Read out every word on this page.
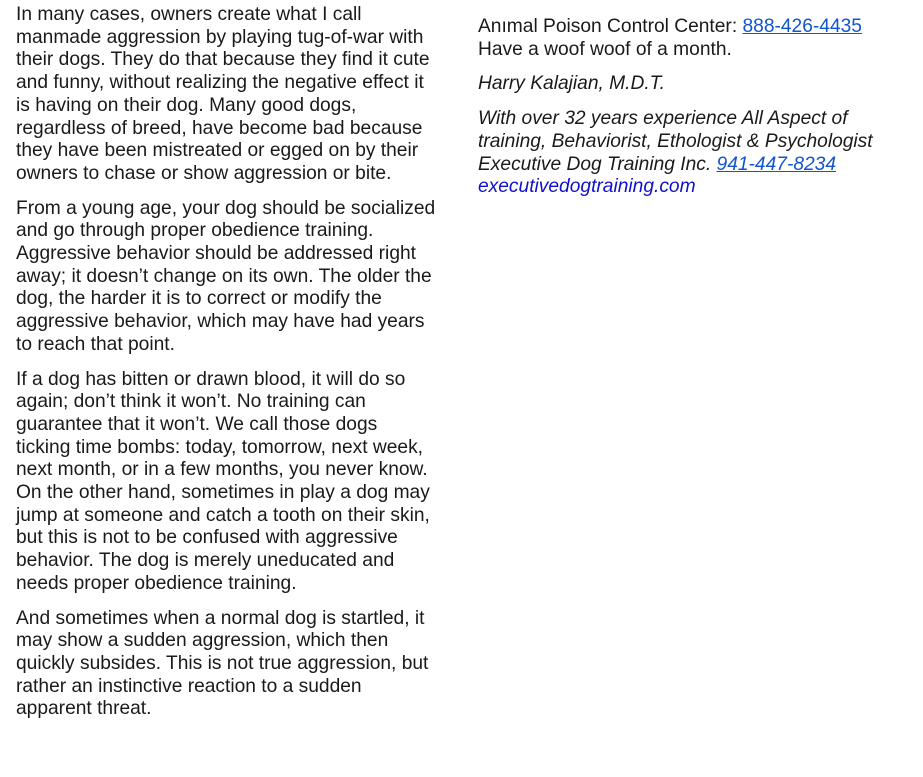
In many cases, owners create what I call manmade aggression by playing tug-of-war with their dogs. They do that because they find it cute and funny, without realizing the negative effect it is having on their dog. Many good dogs, regardless of breed, have become bad because they have been mistreated or egged on by their owners to chase or show aggression or bite.

From a young age, your dog should be socialized and go through proper obedience training. Aggressive behavior should be addressed right away; it doesn’t change on its own. The older the dog, the harder it is to correct or modify the aggressive behavior, which may have had years to reach that point.

If a dog has bitten or drawn blood, it will do so again; don’t think it won’t. No training can guarantee that it won’t. We call those dogs ticking time bombs: today, tomorrow, next week, next month, or in a few months, you never know. On the other hand, sometimes in play a dog may jump at someone and catch a tooth on their skin, but this is not to be confused with aggressive behavior. The dog is merely uneducated and needs proper obedience training.

And sometimes when a normal dog is startled, it may show a sudden aggression, which then quickly subsides. This is not true aggression, but rather an instinctive reaction to a sudden apparent threat.

Anımal Poison Control Center: 888-426-4435
Have a woof woof of a month.

Harry Kalajian, M.D.T.

With over 32 years experience All Aspect of training, Behaviorist, Ethologist & Psychologist Executive Dog Training Inc. 941-447-8234
executivedogtraining.com
